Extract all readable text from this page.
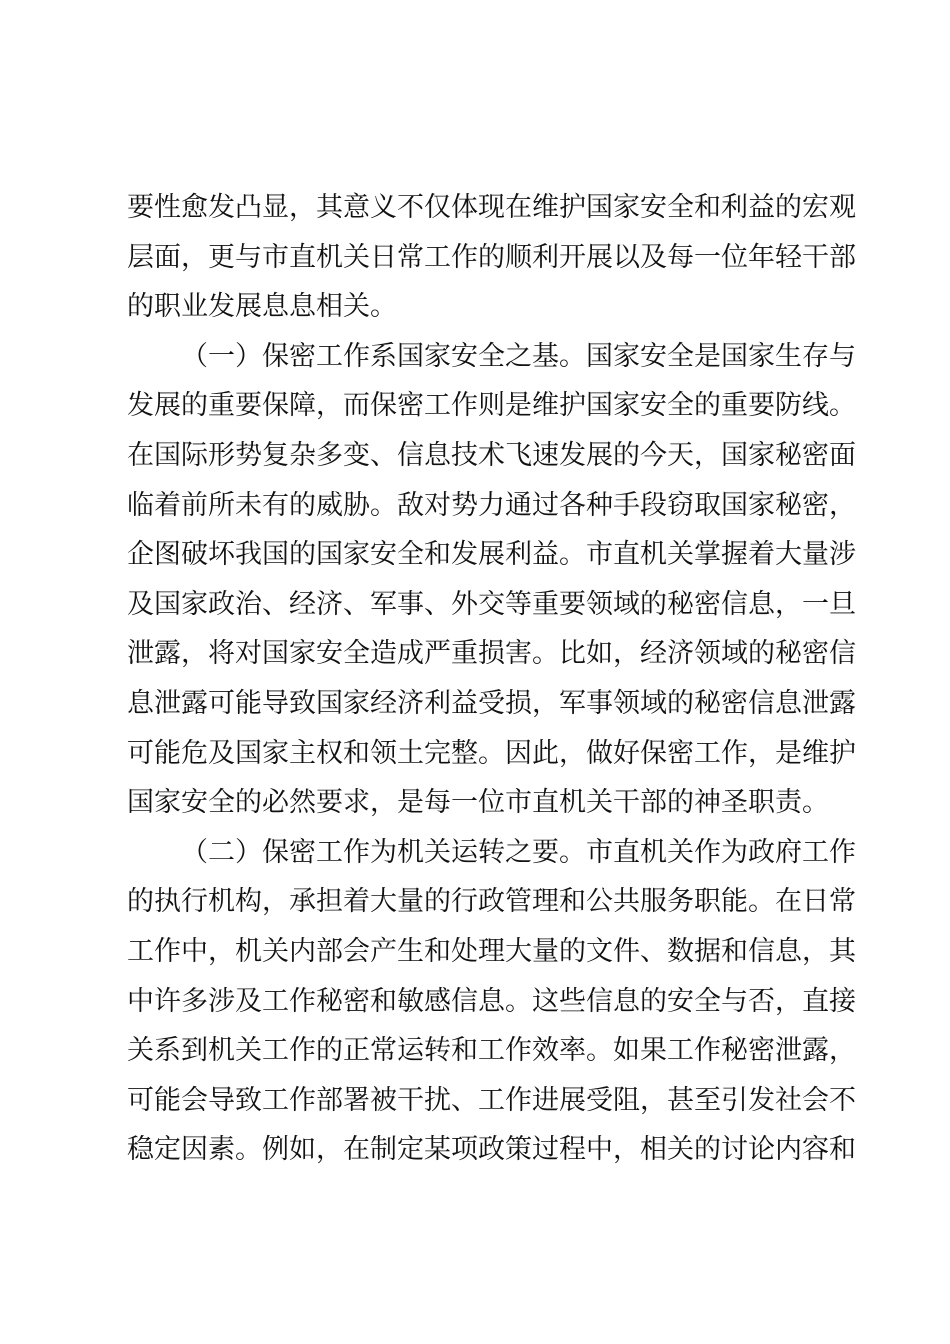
要性愈发凸显，其意义不仅体现在维护国家安全和利益的宏观
层面，更与市直机关日常工作的顺利开展以及每一位年轻干部
的职业发展息息相关。
（一）保密工作系国家安全之基。国家安全是国家生存与
发展的重要保障，而保密工作则是维护国家安全的重要防线。
在国际形势复杂多变、信息技术飞速发展的今天，国家秘密面
临着前所未有的威胁。敌对势力通过各种手段窃取国家秘密，
企图破坏我国的国家安全和发展利益。市直机关掌握着大量涉
及国家政治、经济、军事、外交等重要领域的秘密信息，一旦
泄露，将对国家安全造成严重损害。比如，经济领域的秘密信
息泄露可能导致国家经济利益受损，军事领域的秘密信息泄露
可能危及国家主权和领土完整。因此，做好保密工作，是维护
国家安全的必然要求，是每一位市直机关干部的神圣职责。
（二）保密工作为机关运转之要。市直机关作为政府工作
的执行机构，承担着大量的行政管理和公共服务职能。在日常
工作中，机关内部会产生和处理大量的文件、数据和信息，其
中许多涉及工作秘密和敏感信息。这些信息的安全与否，直接
关系到机关工作的正常运转和工作效率。如果工作秘密泄露，
可能会导致工作部署被干扰、工作进展受阻，甚至引发社会不
稳定因素。例如，在制定某项政策过程中，相关的讨论内容和
